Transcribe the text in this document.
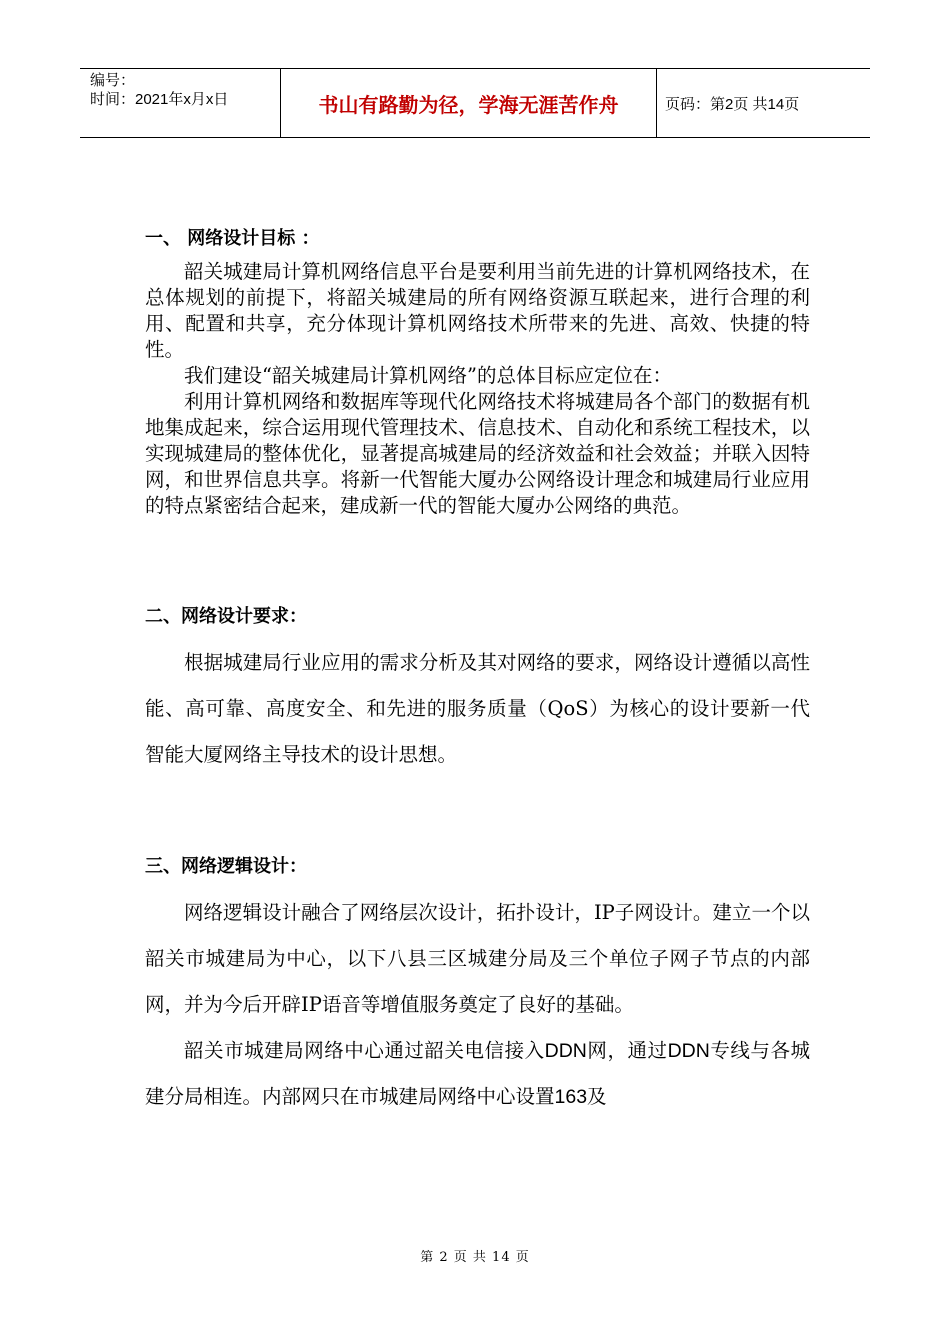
编号：
时间：2021年x月x日	书山有路勤为径，学海无涯苦作舟	页码：第2页 共14页
一、 网络设计目标 ：

韶关城建局计算机网络信息平台是要利用当前先进的计算机网络技术，在总体规划的前提下，将韶关城建局的所有网络资源互联起来，进行合理的利用、配置和共享，充分体现计算机网络技术所带来的先进、高效、快捷的特性。

我们建设“韶关城建局计算机网络”的总体目标应定位在：

利用计算机网络和数据库等现代化网络技术将城建局各个部门的数据有机地集成起来，综合运用现代管理技术、信息技术、自动化和系统工程技术，以实现城建局的整体优化，显著提高城建局的经济效益和社会效益；并联入因特网，和世界信息共享。将新一代智能大厦办公网络设计理念和城建局行业应用的特点紧密结合起来，建成新一代的智能大厦办公网络的典范。

二、网络设计要求：

根据城建局行业应用的需求分析及其对网络的要求，网络设计遵循以高性能、高可靠、高度安全、和先进的服务质量（QoS）为核心的设计要新一代智能大厦网络主导技术的设计思想。

三、网络逻辑设计：

网络逻辑设计融合了网络层次设计，拓扑设计，IP子网设计。建立一个以韶关市城建局为中心，以下八县三区城建分局及三个单位子网子节点的内部网，并为今后开辟IP语音等增值服务奠定了良好的基础。

韶关市城建局网络中心通过韶关电信接入DDN网，通过DDN专线与各城建分局相连。内部网只在市城建局网络中心设置163及

第 2 页 共 14 页
